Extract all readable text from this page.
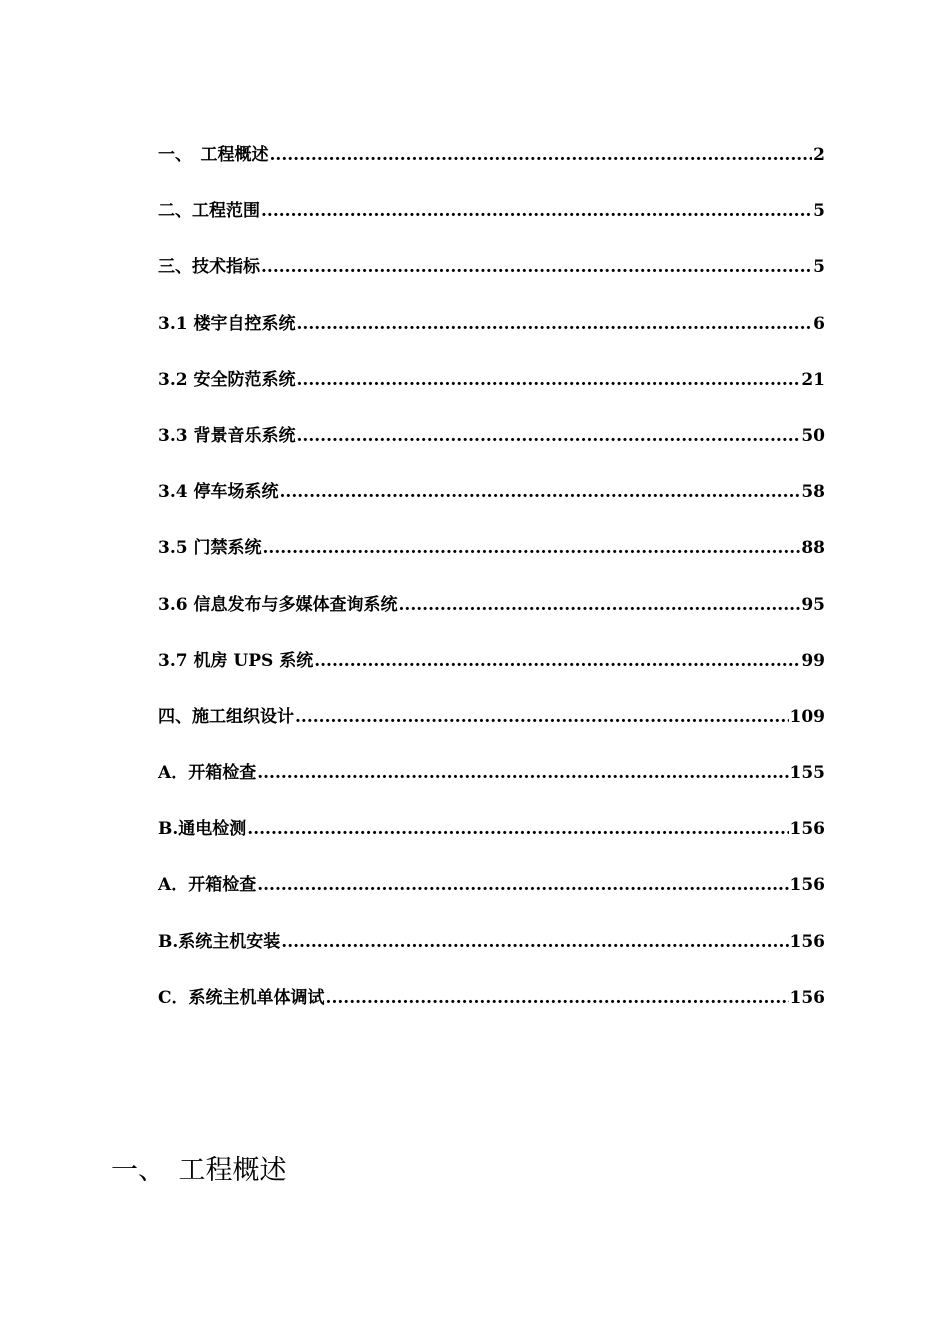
一、　工程概述 .....	2
二、工程范围 .....	5
三、技术指标 .....	5
3.1 楼宇自控系统 .....	6
3.2 安全防范系统 .....	21
3.3 背景音乐系统 .....	50
3.4 停车场系统 .....	58
3.5 门禁系统 .....	88
3.6 信息发布与多媒体查询系统 .....	95
3.7 机房 UPS 系统 .....	99
四、施工组织设计 .....	109
A．开箱检查 .....	155
B.通电检测 .....	156
A．开箱检查 .....	156
B.系统主机安装 .....	156
C．系统主机单体调试 .....	156
一、　工程概述
